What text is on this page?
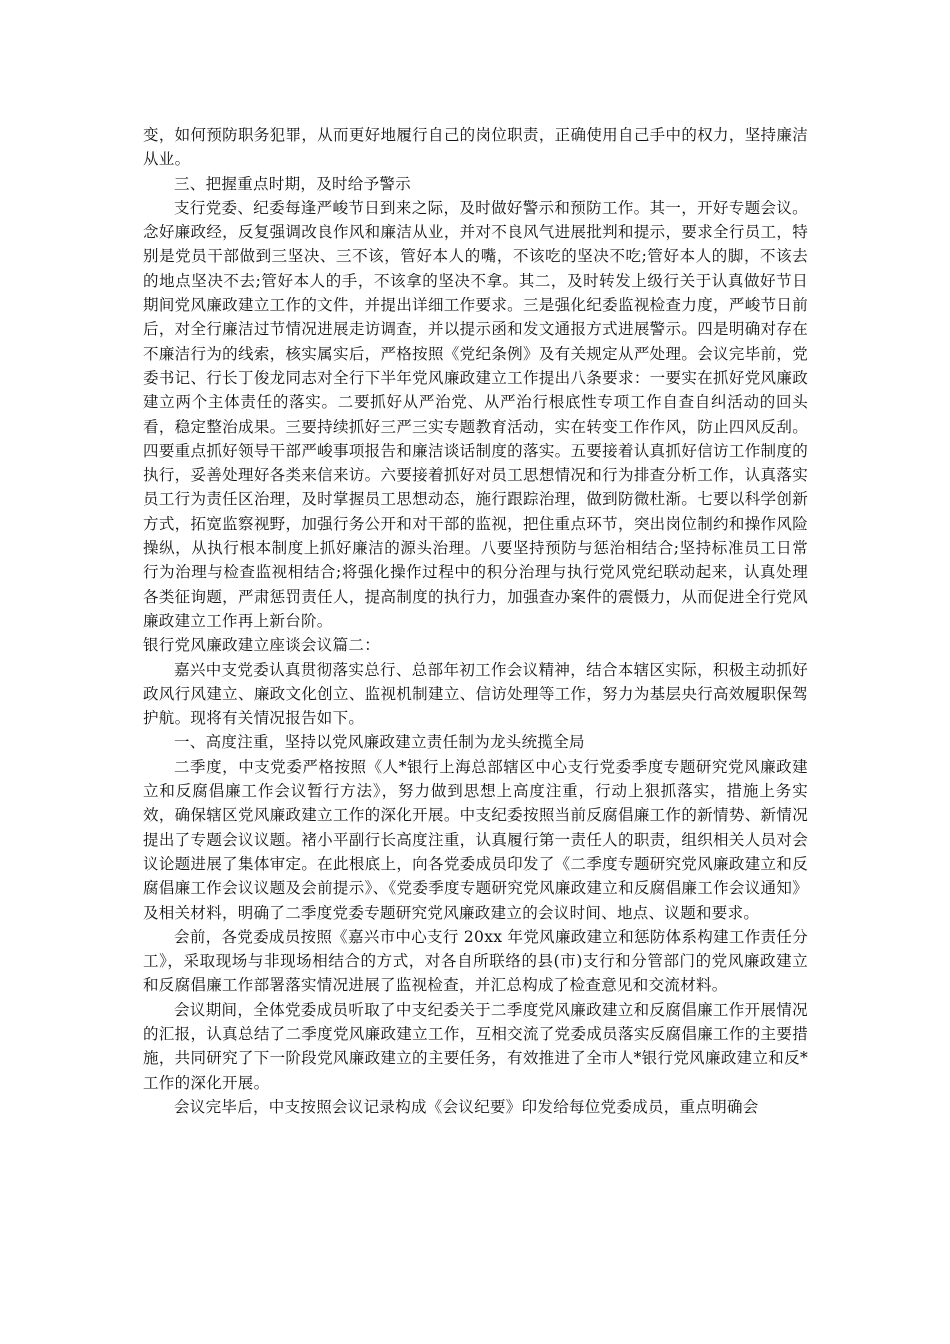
变，如何预防职务犯罪，从而更好地履行自己的岗位职责，正确使用自己手中的权力，坚持廉洁从业。

三、把握重点时期，及时给予警示

支行党委、纪委每逢严峻节日到来之际，及时做好警示和预防工作。其一，开好专题会议。念好廉政经，反复强调改良作风和廉洁从业，并对不良风气进展批判和提示，要求全行员工，特别是党员干部做到三坚决、三不该，管好本人的嘴，不该吃的坚决不吃;管好本人的脚，不该去的地点坚决不去;管好本人的手，不该拿的坚决不拿。其二，及时转发上级行关于认真做好节日期间党风廉政建立工作的文件，并提出详细工作要求。三是强化纪委监视检查力度，严峻节日前后，对全行廉洁过节情况进展走访调查，并以提示函和发文通报方式进展警示。四是明确对存在不廉洁行为的线索，核实属实后，严格按照《党纪条例》及有关规定从严处理。会议完毕前，党委书记、行长丁俊龙同志对全行下半年党风廉政建立工作提出八条要求：一要实在抓好党风廉政建立两个主体责任的落实。二要抓好从严治党、从严治行根底性专项工作自查自纠活动的回头看，稳定整治成果。三要持续抓好三严三实专题教育活动，实在转变工作作风，防止四风反刮。四要重点抓好领导干部严峻事项报告和廉洁谈话制度的落实。五要接着认真抓好信访工作制度的执行，妥善处理好各类来信来访。六要接着抓好对员工思想情况和行为排查分析工作，认真落实员工行为责任区治理，及时掌握员工思想动态，施行跟踪治理，做到防微杜渐。七要以科学创新方式，拓宽监察视野，加强行务公开和对干部的监视，把住重点环节，突出岗位制约和操作风险操纵，从执行根本制度上抓好廉洁的源头治理。八要坚持预防与惩治相结合;坚持标准员工日常行为治理与检查监视相结合;将强化操作过程中的积分治理与执行党风党纪联动起来，认真处理各类征询题，严肃惩罚责任人，提高制度的执行力，加强查办案件的震慑力，从而促进全行党风廉政建立工作再上新台阶。

银行党风廉政建立座谈会议篇二：

嘉兴中支党委认真贯彻落实总行、总部年初工作会议精神，结合本辖区实际，积极主动抓好政风行风建立、廉政文化创立、监视机制建立、信访处理等工作，努力为基层央行高效履职保驾护航。现将有关情况报告如下。

一、高度注重，坚持以党风廉政建立责任制为龙头统揽全局

二季度，中支党委严格按照《人*银行上海总部辖区中心支行党委季度专题研究党风廉政建立和反腐倡廉工作会议暂行方法》，努力做到思想上高度注重，行动上狠抓落实，措施上务实效，确保辖区党风廉政建立工作的深化开展。中支纪委按照当前反腐倡廉工作的新情势、新情况提出了专题会议议题。褚小平副行长高度注重，认真履行第一责任人的职责，组织相关人员对会议论题进展了集体审定。在此根底上，向各党委成员印发了《二季度专题研究党风廉政建立和反腐倡廉工作会议议题及会前提示》、《党委季度专题研究党风廉政建立和反腐倡廉工作会议通知》及相关材料，明确了二季度党委专题研究党风廉政建立的会议时间、地点、议题和要求。

会前，各党委成员按照《嘉兴市中心支行 20xx 年党风廉政建立和惩防体系构建工作责任分工》，采取现场与非现场相结合的方式，对各自所联络的县(市)支行和分管部门的党风廉政建立和反腐倡廉工作部署落实情况进展了监视检查，并汇总构成了检查意见和交流材料。

会议期间，全体党委成员听取了中支纪委关于二季度党风廉政建立和反腐倡廉工作开展情况的汇报，认真总结了二季度党风廉政建立工作，互相交流了党委成员落实反腐倡廉工作的主要措施，共同研究了下一阶段党风廉政建立的主要任务，有效推进了全市人*银行党风廉政建立和反*工作的深化开展。

会议完毕后，中支按照会议记录构成《会议纪要》印发给每位党委成员，重点明确会
